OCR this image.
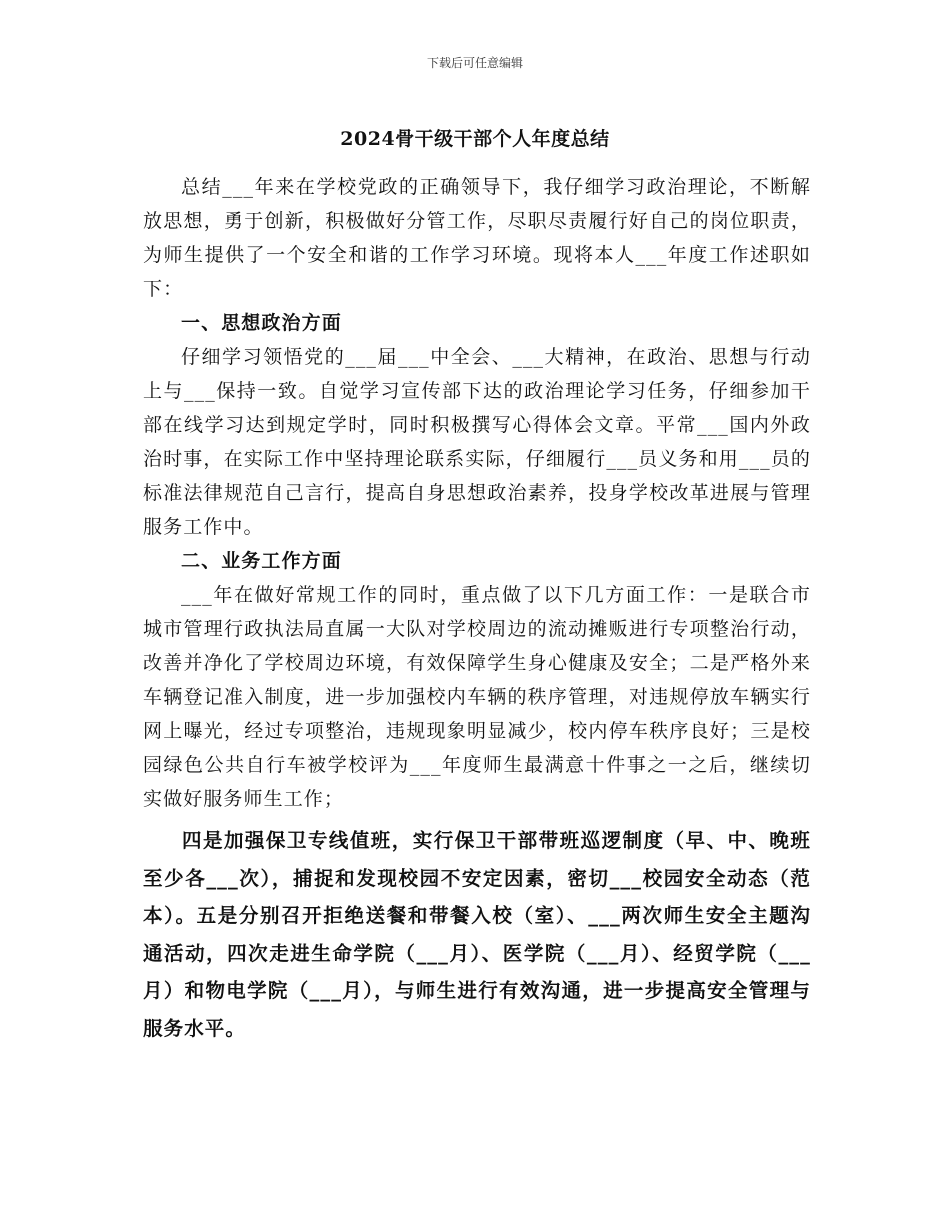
下载后可任意编辑
2024骨干级干部个人年度总结

总结___年来在学校党政的正确领导下，我仔细学习政治理论，不断解放思想，勇于创新，积极做好分管工作，尽职尽责履行好自己的岗位职责，为师生提供了一个安全和谐的工作学习环境。现将本人___年度工作述职如下：

一、思想政治方面

仔细学习领悟党的___届___中全会、___大精神，在政治、思想与行动上与___保持一致。自觉学习宣传部下达的政治理论学习任务，仔细参加干部在线学习达到规定学时，同时积极撰写心得体会文章。平常___国内外政治时事，在实际工作中坚持理论联系实际，仔细履行___员义务和用___员的标准法律规范自己言行，提高自身思想政治素养，投身学校改革进展与管理服务工作中。

二、业务工作方面

___年在做好常规工作的同时，重点做了以下几方面工作：一是联合市城市管理行政执法局直属一大队对学校周边的流动摊贩进行专项整治行动，改善并净化了学校周边环境，有效保障学生身心健康及安全；二是严格外来车辆登记准入制度，进一步加强校内车辆的秩序管理，对违规停放车辆实行网上曝光，经过专项整治，违规现象明显减少，校内停车秩序良好；三是校园绿色公共自行车被学校评为___年度师生最满意十件事之一之后，继续切实做好服务师生工作；

四是加强保卫专线值班，实行保卫干部带班巡逻制度（早、中、晚班至少各___次），捕捉和发现校园不安定因素，密切___校园安全动态（范本）。五是分别召开拒绝送餐和带餐入校（室）、___两次师生安全主题沟通活动，四次走进生命学院（___月）、医学院（___月）、经贸学院（___月）和物电学院（___月），与师生进行有效沟通，进一步提高安全管理与服务水平。
